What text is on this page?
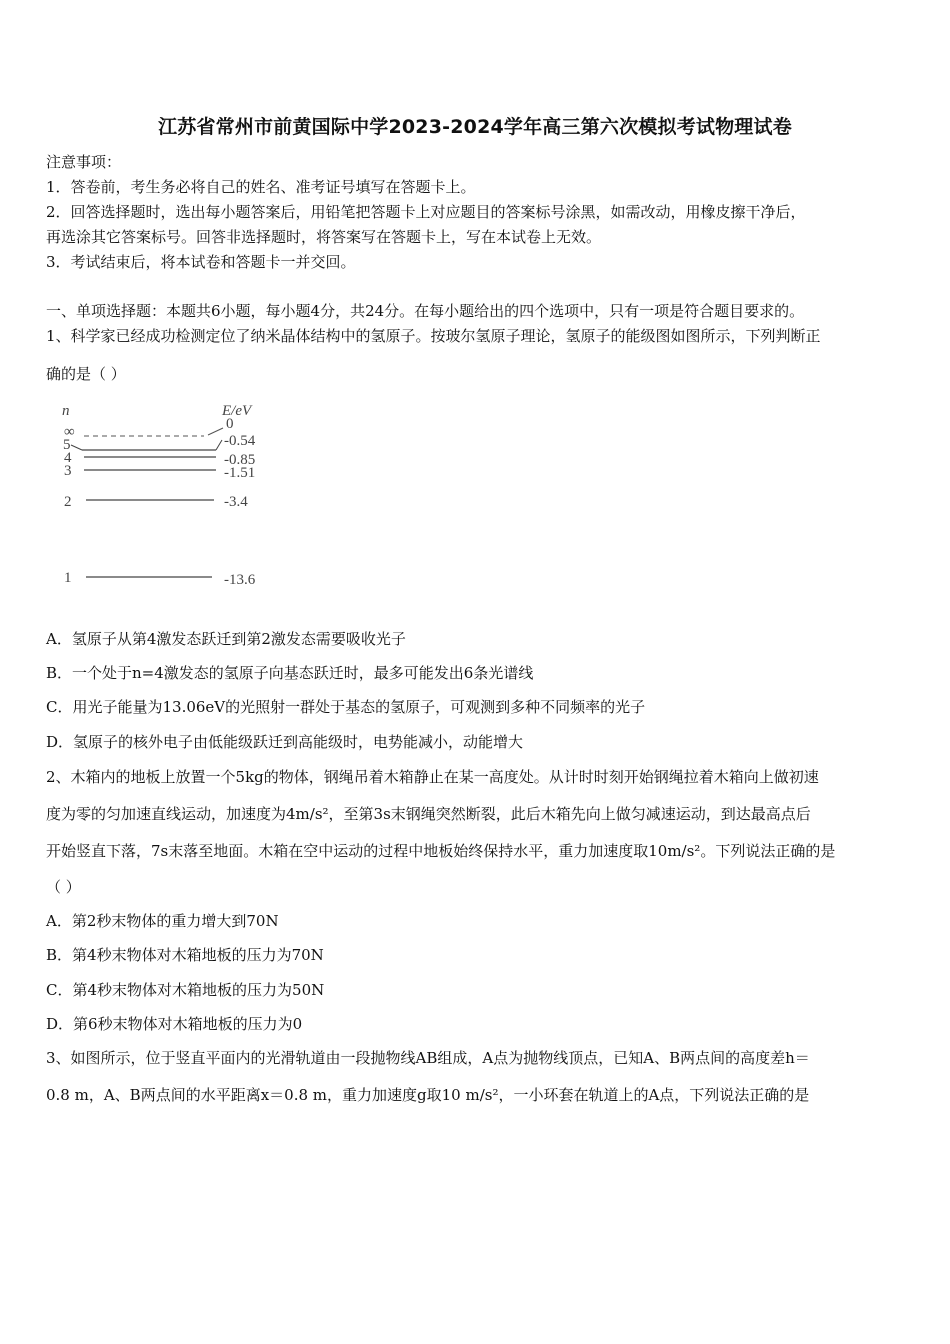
江苏省常州市前黄国际中学2023-2024学年高三第六次模拟考试物理试卷
注意事项：
1．答卷前，考生务必将自己的姓名、准考证号填写在答题卡上。
2．回答选择题时，选出每小题答案后，用铅笔把答题卡上对应题目的答案标号涂黑，如需改动，用橡皮擦干净后，
再选涂其它答案标号。回答非选择题时，将答案写在答题卡上，写在本试卷上无效。
3．考试结束后，将本试卷和答题卡一并交回。
一、单项选择题：本题共6小题，每小题4分，共24分。在每小题给出的四个选项中，只有一项是符合题目要求的。
1、科学家已经成功检测定位了纳米晶体结构中的氢原子。按玻尔氢原子理论，氢原子的能级图如图所示，下列判断正
确的是（ ）
n	E/eV
∞	0
5	-0.54
4	-0.85
3	-1.51
2	-3.4
1	-13.6
A．氢原子从第4激发态跃迁到第2激发态需要吸收光子
B．一个处于n=4激发态的氢原子向基态跃迁时，最多可能发出6条光谱线
C．用光子能量为13.06eV的光照射一群处于基态的氢原子，可观测到多种不同频率的光子
D．氢原子的核外电子由低能级跃迁到高能级时，电势能减小，动能增大
2、木箱内的地板上放置一个5kg的物体，钢绳吊着木箱静止在某一高度处。从计时时刻开始钢绳拉着木箱向上做初速
度为零的匀加速直线运动，加速度为4m/s²，至第3s末钢绳突然断裂，此后木箱先向上做匀减速运动，到达最高点后
开始竖直下落，7s末落至地面。木箱在空中运动的过程中地板始终保持水平，重力加速度取10m/s²。下列说法正确的是
（ ）
A．第2秒末物体的重力增大到70N
B．第4秒末物体对木箱地板的压力为70N
C．第4秒末物体对木箱地板的压力为50N
D．第6秒末物体对木箱地板的压力为0
3、如图所示，位于竖直平面内的光滑轨道由一段抛物线AB组成，A点为抛物线顶点，已知A、B两点间的高度差h＝
0.8 m，A、B两点间的水平距离x＝0.8 m，重力加速度g取10 m/s²，一小环套在轨道上的A点，下列说法正确的是
